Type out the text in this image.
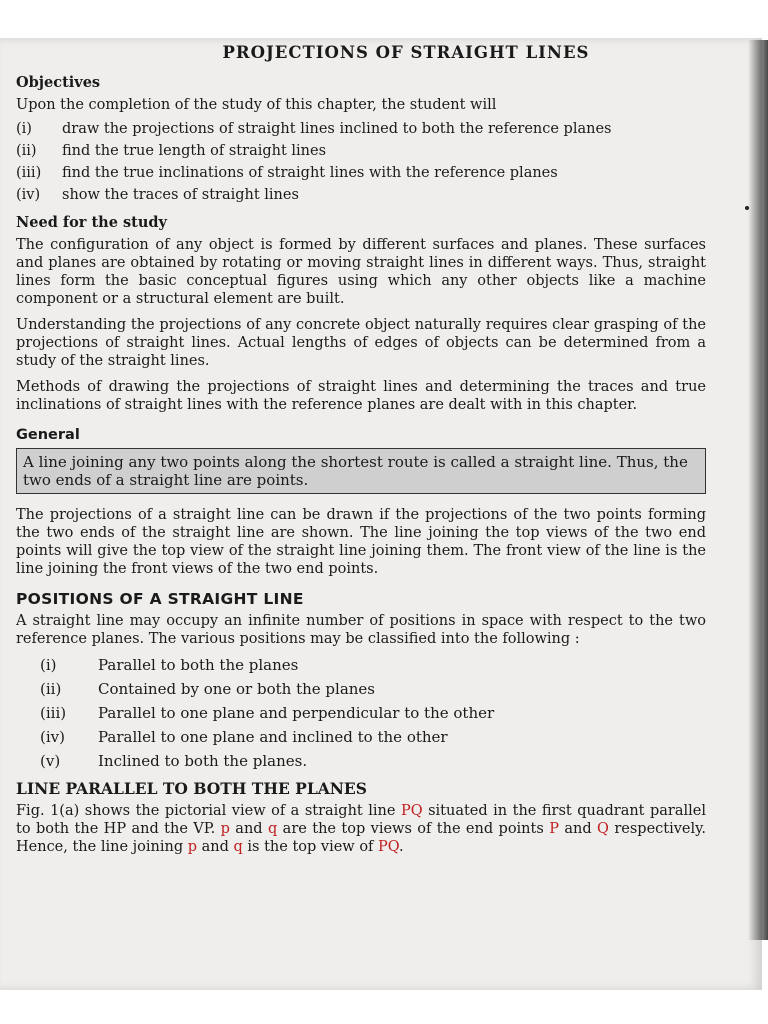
PROJECTIONS OF STRAIGHT LINES
Objectives

Upon the completion of the study of this chapter, the student will

(i)	draw the projections of straight lines inclined to both the reference planes
(ii)	find the true length of straight lines
(iii)	find the true inclinations of straight lines with the reference planes
(iv)	show the traces of straight lines
Need for the study

The configuration of any object is formed by different surfaces and planes. These surfaces and planes are obtained by rotating or moving straight lines in different ways. Thus, straight lines form the basic conceptual figures using which any other objects like a machine component or a structural element are built.

Understanding the projections of any concrete object naturally requires clear grasping of the projections of straight lines. Actual lengths of edges of objects can be determined from a study of the straight lines.

Methods of drawing the projections of straight lines and determining the traces and true inclinations of straight lines with the reference planes are dealt with in this chapter.

General
A line joining any two points along the shortest route is called a straight line. Thus, the two ends of a straight line are points.

The projections of a straight line can be drawn if the projections of the two points forming the two ends of the straight line are shown. The line joining the top views of the two end points will give the top view of the straight line joining them. The front view of the line is the line joining the front views of the two end points.

POSITIONS OF A STRAIGHT LINE

A straight line may occupy an infinite number of positions in space with respect to the two reference planes. The various positions may be classified into the following :

(i)	Parallel to both the planes
(ii)	Contained by one or both the planes
(iii)	Parallel to one plane and perpendicular to the other
(iv)	Parallel to one plane and inclined to the other
(v)	Inclined to both the planes.
LINE PARALLEL TO BOTH THE PLANES

Fig. 1(a) shows the pictorial view of a straight line PQ situated in the first quadrant parallel to both the HP and the VP. p and q are the top views of the end points P and Q respectively. Hence, the line joining p and q is the top view of PQ.
